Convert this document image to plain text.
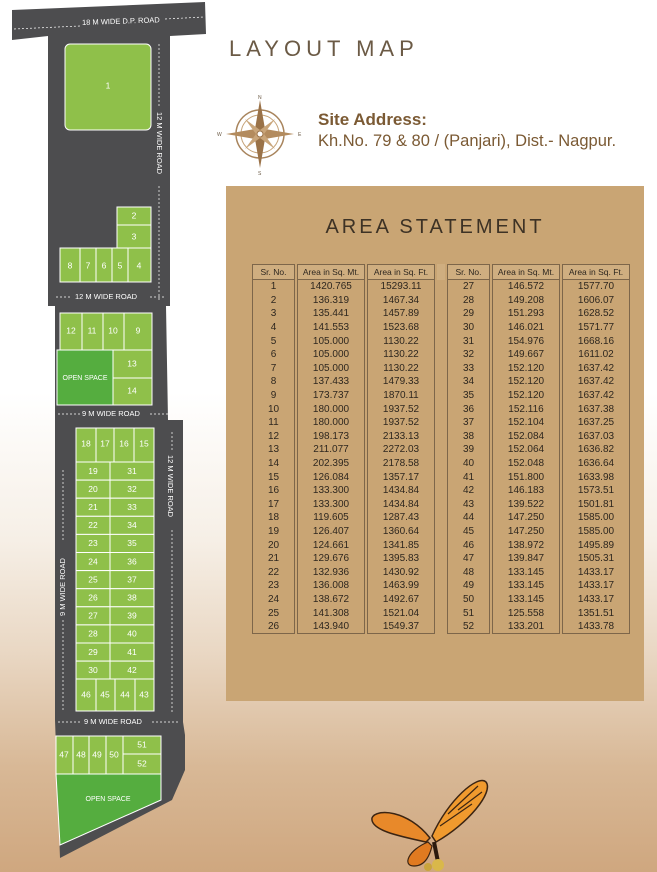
18 M WIDE D.P. ROAD
12 M WIDE ROAD
12 M WIDE ROAD
9 M WIDE ROAD
12 M WIDE ROAD
9 M WIDE ROAD
9 M WIDE ROAD
1
2
3
8 7 6 5 4
12 11 10 9
OPEN SPACE
13
14
18 17 16 15
19	31
20	32
21	33
22	34
23	35
24	36
25	37
26	38
27	39
28	40
29	41
30	42
46 45 44 43
47 48 49 50
51
52
OPEN SPACE
LAYOUT MAP
N
S
W	E
Site Address:
Kh.No. 79 & 80 / (Panjari), Dist.- Nagpur.
AREA STATEMENT
Sr. No.	Area in Sq. Mt.	Area in Sq. Ft.		Sr. No.	Area in Sq. Mt.	Area in Sq. Ft.
1	1420.765	15293.11		27	146.572	1577.70
2	136.319	1467.34		28	149.208	1606.07
3	135.441	1457.89		29	151.293	1628.52
4	141.553	1523.68		30	146.021	1571.77
5	105.000	1130.22		31	154.976	1668.16
6	105.000	1130.22		32	149.667	1611.02
7	105.000	1130.22		33	152.120	1637.42
8	137.433	1479.33		34	152.120	1637.42
9	173.737	1870.11		35	152.120	1637.42
10	180.000	1937.52		36	152.116	1637.38
11	180.000	1937.52		37	152.104	1637.25
12	198.173	2133.13		38	152.084	1637.03
13	211.077	2272.03		39	152.064	1636.82
14	202.395	2178.58		40	152.048	1636.64
15	126.084	1357.17		41	151.800	1633.98
16	133.300	1434.84		42	146.183	1573.51
17	133.300	1434.84		43	139.522	1501.81
18	119.605	1287.43		44	147.250	1585.00
19	126.407	1360.64		45	147.250	1585.00
20	124.661	1341.85		46	138.972	1495.89
21	129.676	1395.83		47	139.847	1505.31
22	132.936	1430.92		48	133.145	1433.17
23	136.008	1463.99		49	133.145	1433.17
24	138.672	1492.67		50	133.145	1433.17
25	141.308	1521.04		51	125.558	1351.51
26	143.940	1549.37		52	133.201	1433.78
